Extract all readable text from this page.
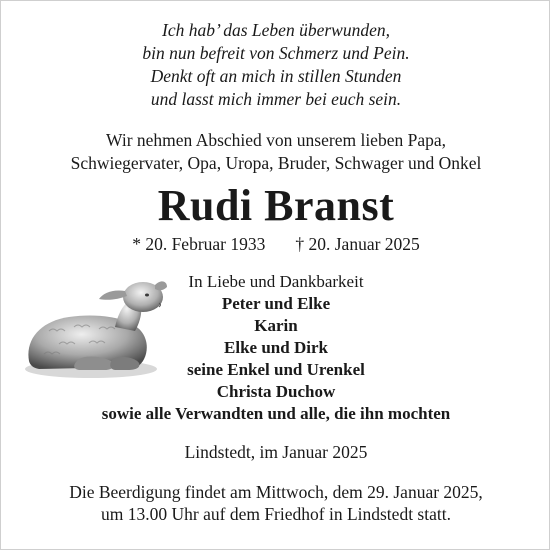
Ich hab’ das Leben überwunden,
bin nun befreit von Schmerz und Pein.
Denkt oft an mich in stillen Stunden
und lasst mich immer bei euch sein.
Wir nehmen Abschied von unserem lieben Papa,
Schwiegervater, Opa, Uropa, Bruder, Schwager und Onkel
Rudi Branst
* 20. Februar 1933 † 20. Januar 2025
In Liebe und Dankbarkeit
Peter und Elke
Karin
Elke und Dirk
seine Enkel und Urenkel
Christa Duchow
sowie alle Verwandten und alle, die ihn mochten
Lindstedt, im Januar 2025
Die Beerdigung findet am Mittwoch, dem 29. Januar 2025,
um 13.00 Uhr auf dem Friedhof in Lindstedt statt.
